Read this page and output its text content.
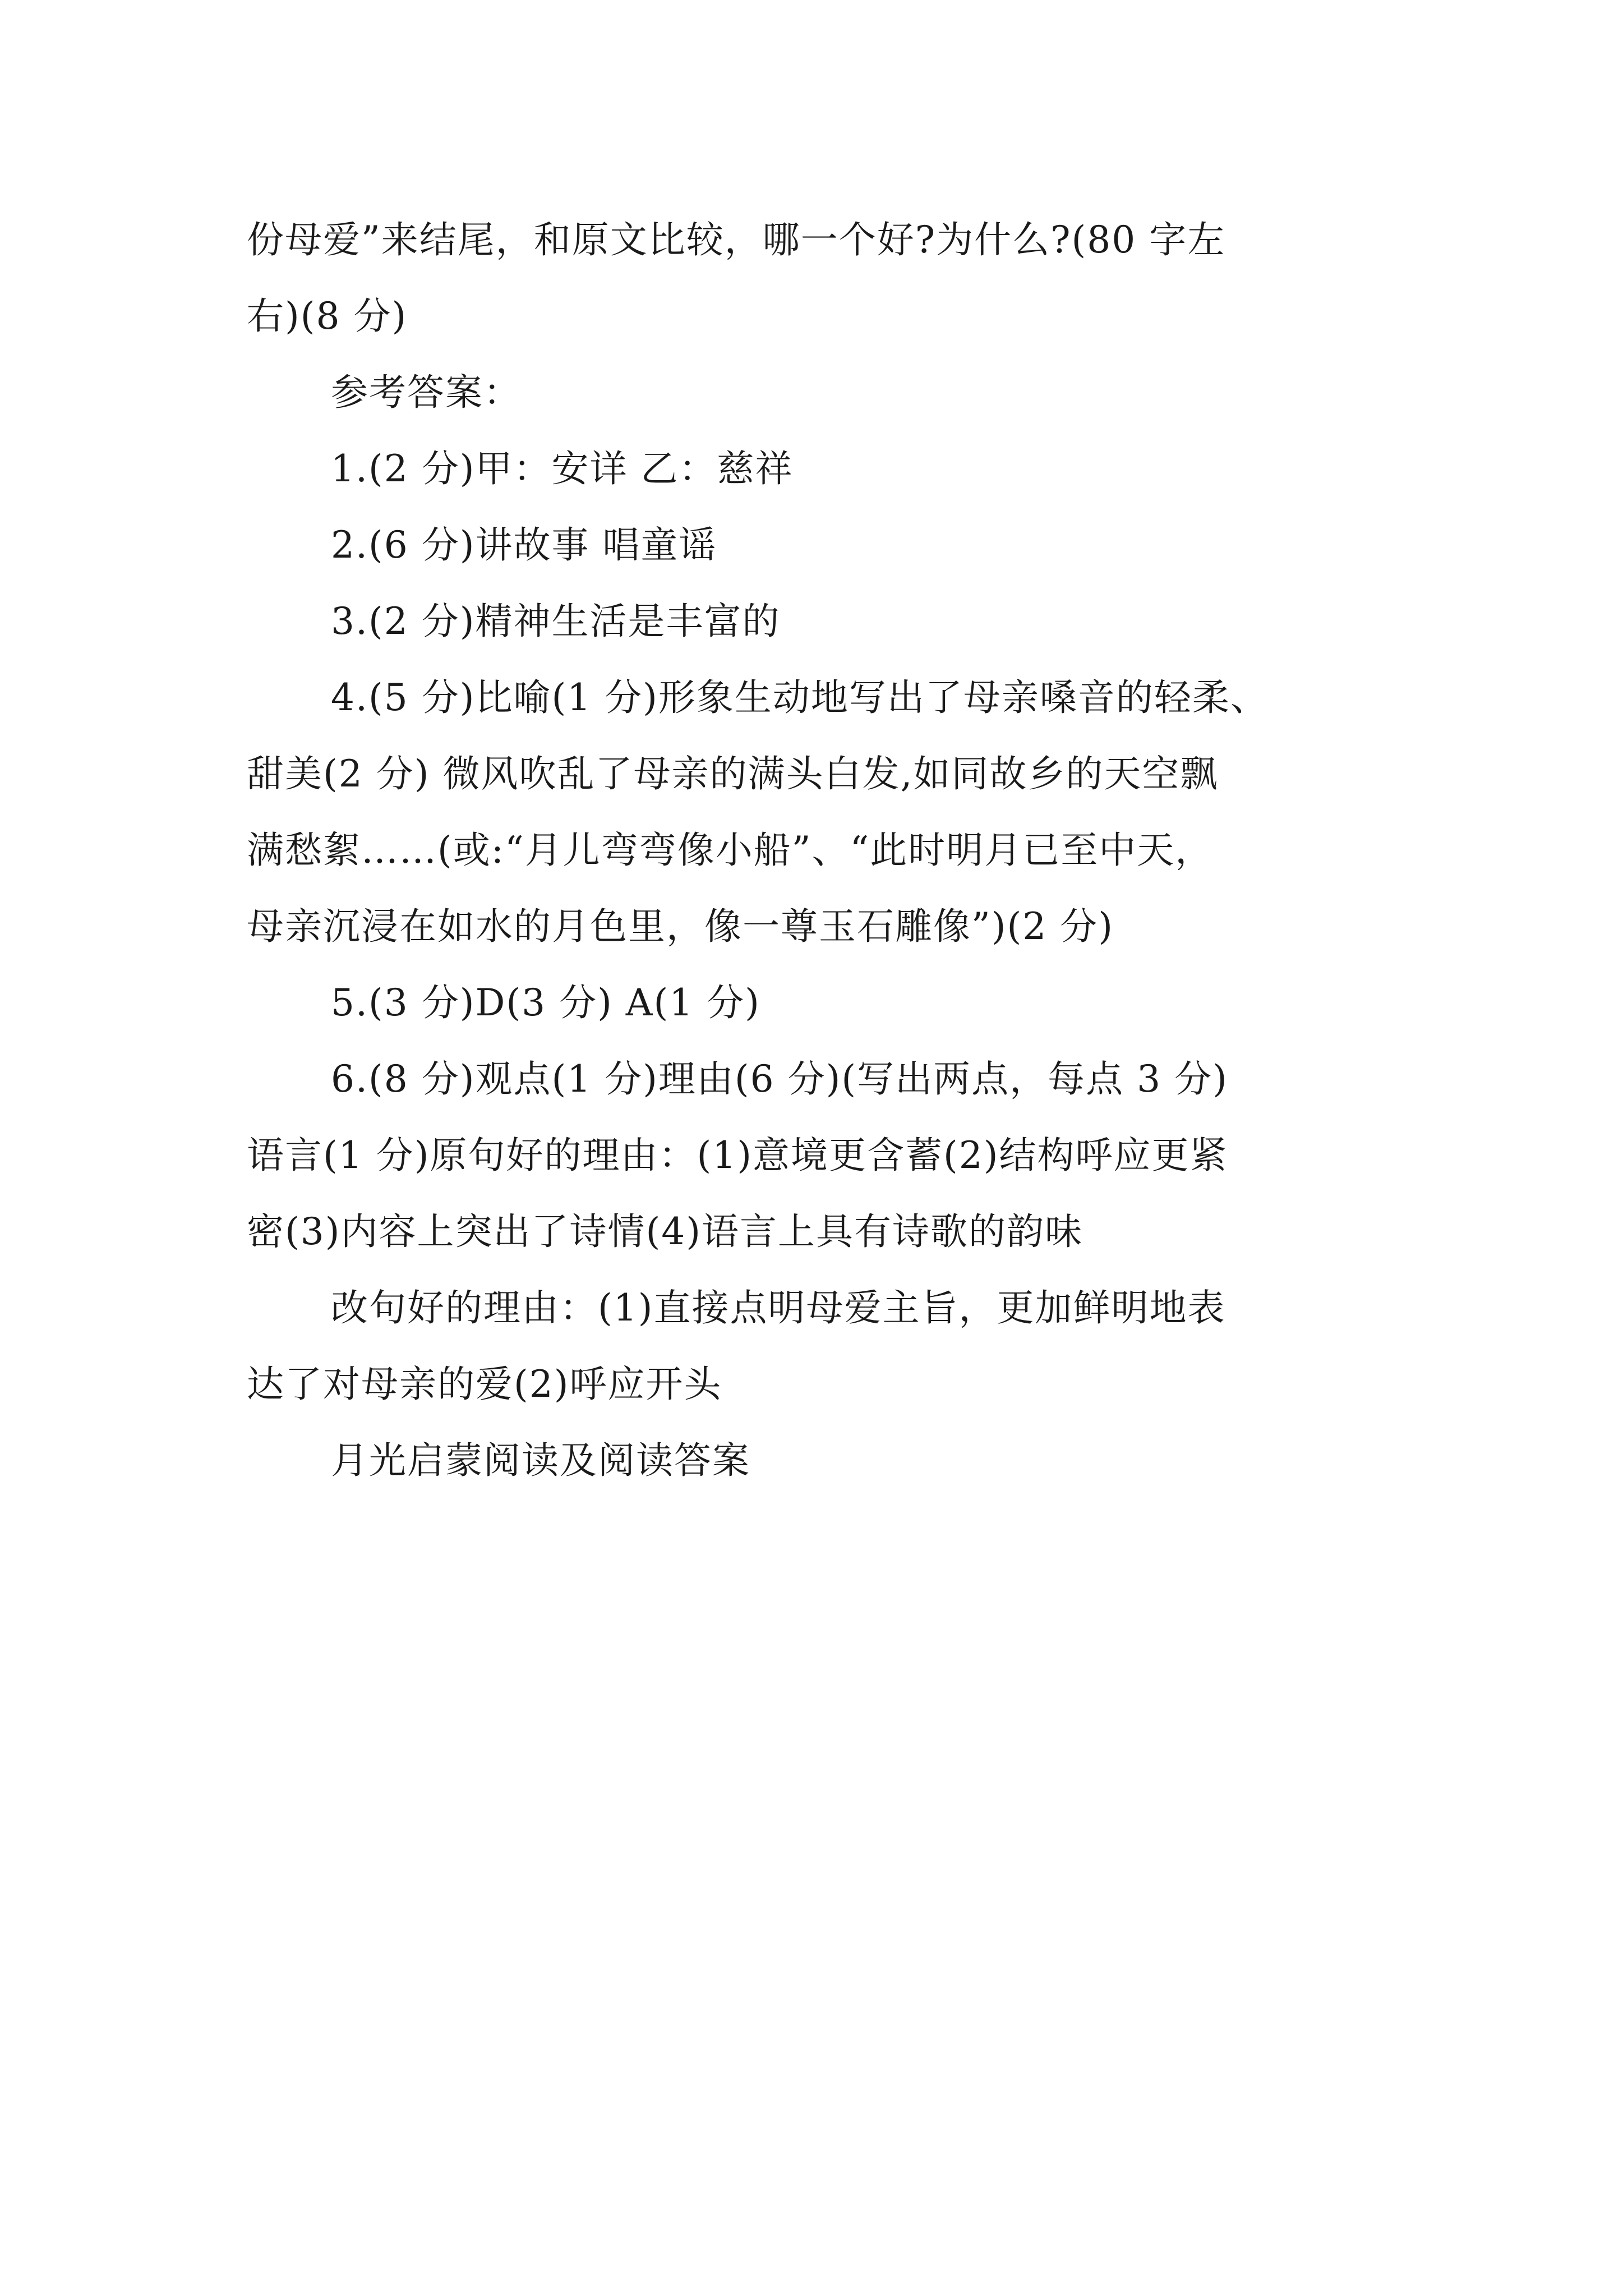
份母爱”来结尾，和原文比较，哪一个好?为什么?(80 字左
右)(8 分)
参考答案：
1.(2 分)甲：安详 乙：慈祥
2.(6 分)讲故事 唱童谣
3.(2 分)精神生活是丰富的
4.(5 分)比喻(1 分)形象生动地写出了母亲嗓音的轻柔、
甜美(2 分) 微风吹乱了母亲的满头白发,如同故乡的天空飘
满愁絮……(或:“月儿弯弯像小船”、“此时明月已至中天，
母亲沉浸在如水的月色里，像一尊玉石雕像”)(2 分)
5.(3 分)D(3 分) A(1 分)
6.(8 分)观点(1 分)理由(6 分)(写出两点，每点 3 分)
语言(1 分)原句好的理由：(1)意境更含蓄(2)结构呼应更紧
密(3)内容上突出了诗情(4)语言上具有诗歌的韵味
改句好的理由：(1)直接点明母爱主旨，更加鲜明地表
达了对母亲的爱(2)呼应开头
月光启蒙阅读及阅读答案
